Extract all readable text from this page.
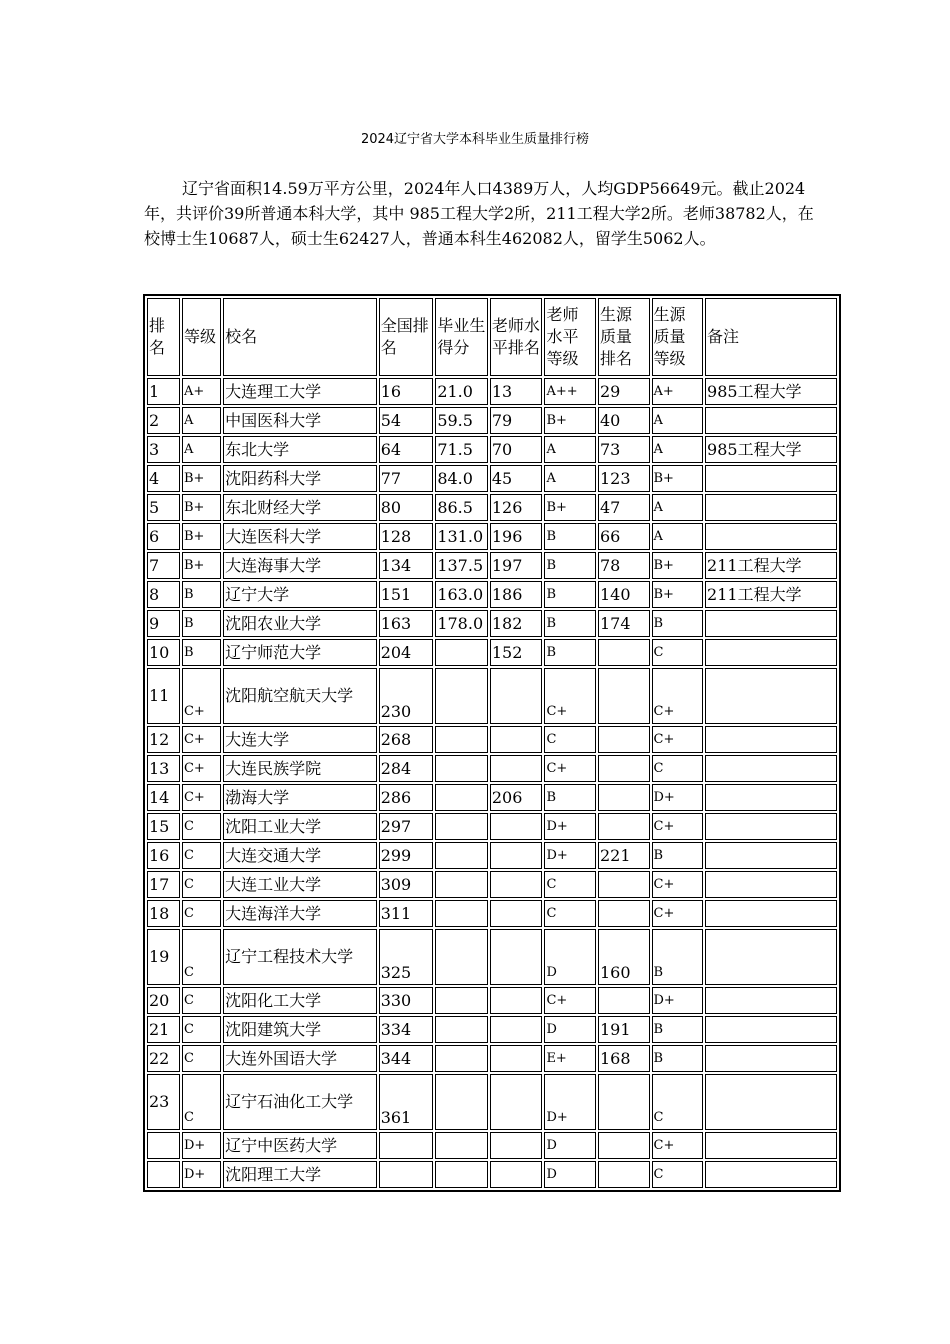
2024辽宁省大学本科毕业生质量排行榜

辽宁省面积14.59万平方公里，2024年人口4389万人，人均GDP56649元。截止2024年，共评价39所普通本科大学，其中 985工程大学2所，211工程大学2所。老师38782人，在校博士生10687人，硕士生62427人，普通本科生462082人，留学生5062人。

排名	等级	校名	全国排名	毕业生得分	老师水平排名	老师水平等级	生源质量排名	生源质量等级	备注
1	A+	大连理工大学	16	21.0	13	A++	29	A+	985工程大学
2	A	中国医科大学	54	59.5	79	B+	40	A	
3	A	东北大学	64	71.5	70	A	73	A	985工程大学
4	B+	沈阳药科大学	77	84.0	45	A	123	B+	
5	B+	东北财经大学	80	86.5	126	B+	47	A	
6	B+	大连医科大学	128	131.0	196	B	66	A	
7	B+	大连海事大学	134	137.5	197	B	78	B+	211工程大学
8	B	辽宁大学	151	163.0	186	B	140	B+	211工程大学
9	B	沈阳农业大学	163	178.0	182	B	174	B	
10	B	辽宁师范大学	204		152	B		C	
11	C+	沈阳航空航天大学	230			C+		C+	
12	C+	大连大学	268			C		C+	
13	C+	大连民族学院	284			C+		C	
14	C+	渤海大学	286		206	B		D+	
15	C	沈阳工业大学	297			D+		C+	
16	C	大连交通大学	299			D+	221	B	
17	C	大连工业大学	309			C		C+	
18	C	大连海洋大学	311			C		C+	
19	C	辽宁工程技术大学	325			D	160	B	
20	C	沈阳化工大学	330			C+		D+	
21	C	沈阳建筑大学	334			D	191	B	
22	C	大连外国语大学	344			E+	168	B	
23	C	辽宁石油化工大学	361			D+		C	
	D+	辽宁中医药大学				D		C+	
	D+	沈阳理工大学				D		C	
